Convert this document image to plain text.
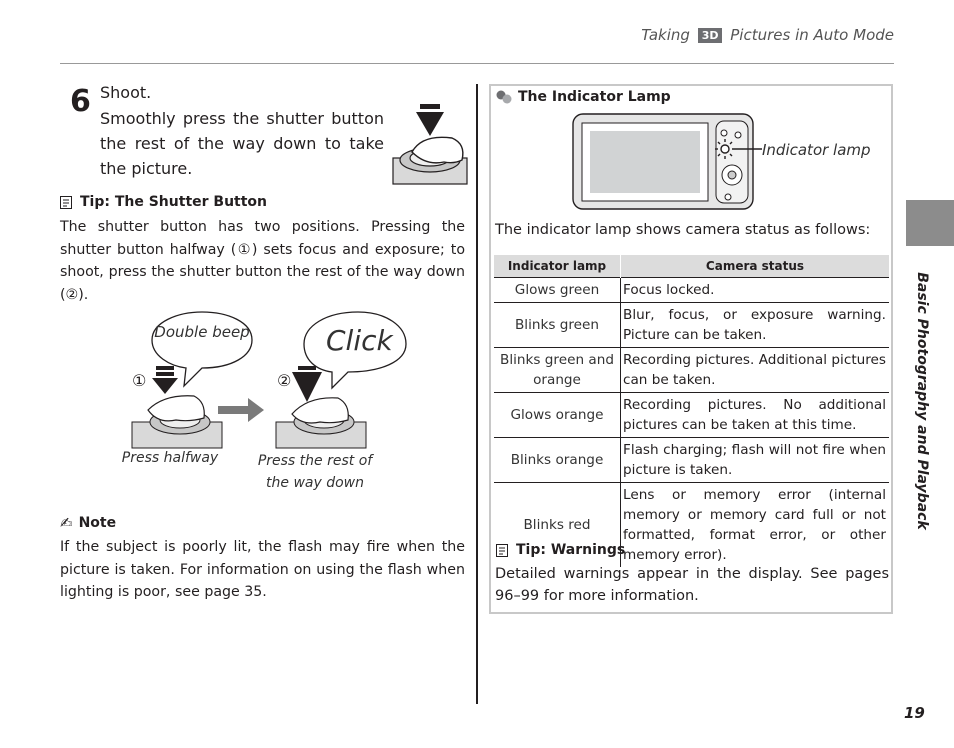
Taking 3D Pictures in Auto Mode
Basic Photography and Playback
19
6 Shoot.
Smoothly press the shutter button the rest of the way down to take the picture.
Tip: The Shutter Button
The shutter button has two positions. Pressing the shutter button halfway (①) sets focus and exposure; to shoot, press the shutter button the rest of the way down (②).
Double beep	Click
①	②
Press halfway	Press the rest of the way down
✍ Note
If the subject is poorly lit, the flash may fire when the picture is taken. For information on using the flash when lighting is poor, see page 35.
The Indicator Lamp
Indicator lamp
The indicator lamp shows camera status as follows:
Indicator lamp	Camera status
Glows green	Focus locked.
Blinks green	Blur, focus, or exposure warning. Picture can be taken.
Blinks green and orange	Recording pictures. Additional pictures can be taken.
Glows orange	Recording pictures. No additional pictures can be taken at this time.
Blinks orange	Flash charging; flash will not fire when picture is taken.
Blinks red	Lens or memory error (internal memory or memory card full or not formatted, format error, or other memory error).
Tip: Warnings
Detailed warnings appear in the display. See pages 96–99 for more information.
